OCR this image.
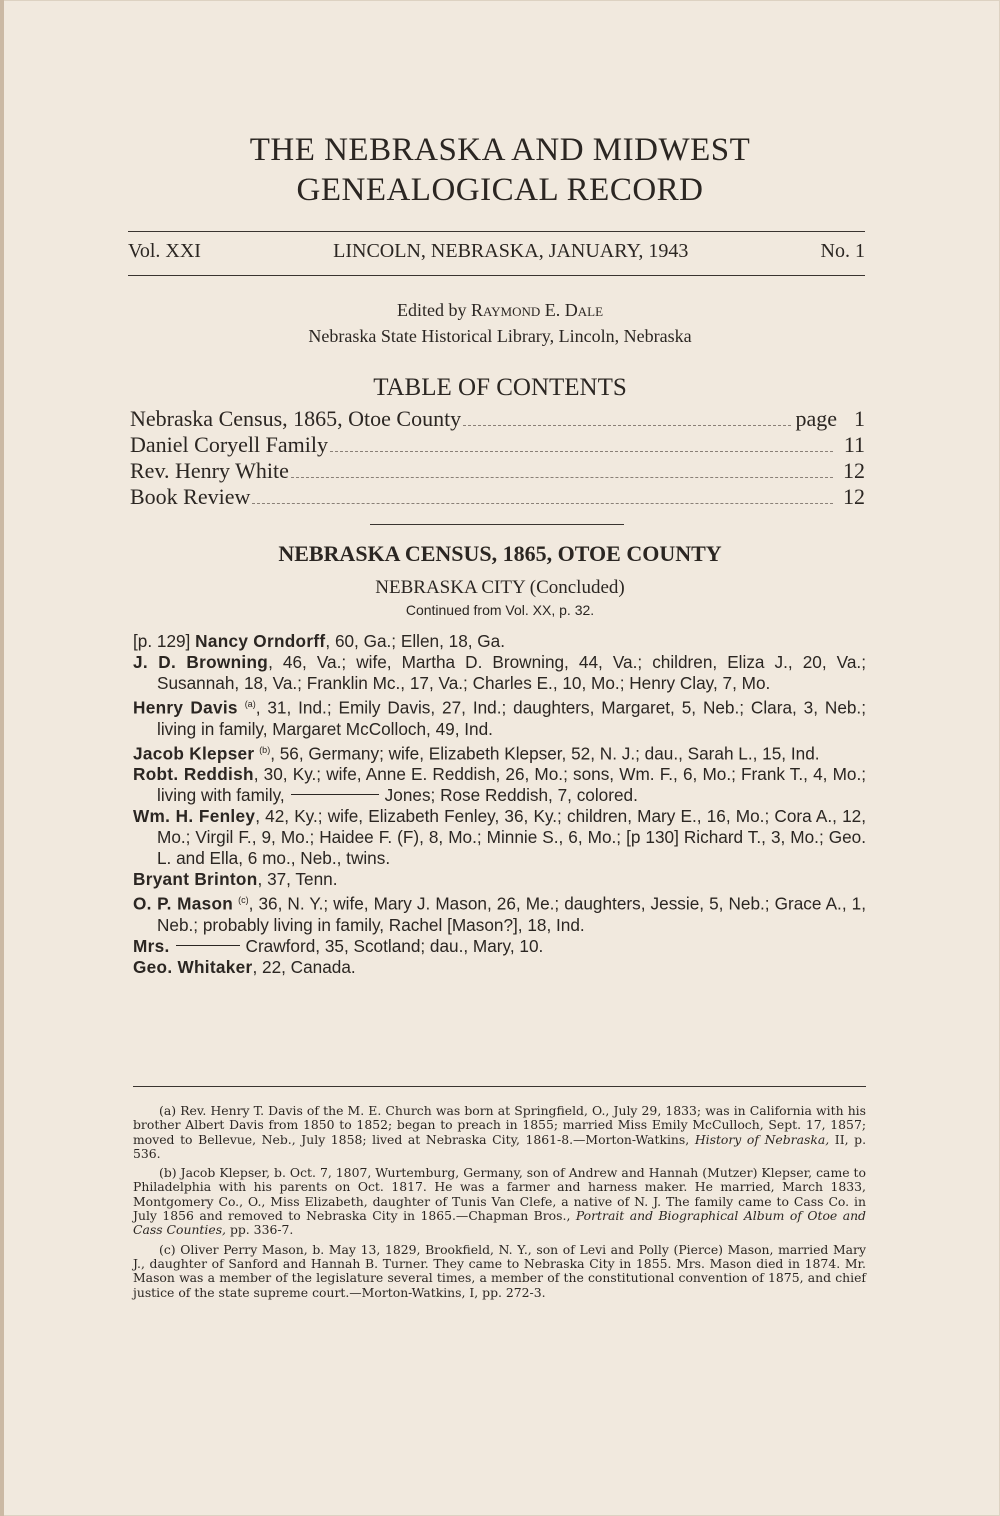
THE NEBRASKA AND MIDWEST
GENEALOGICAL RECORD
Vol. XXI	LINCOLN, NEBRASKA, JANUARY, 1943	No. 1
Edited by Raymond E. Dale
Nebraska State Historical Library, Lincoln, Nebraska
TABLE OF CONTENTS
Nebraska Census, 1865, Otoe County	page 1
Daniel Coryell Family	11
Rev. Henry White	12
Book Review	12
NEBRASKA CENSUS, 1865, OTOE COUNTY
NEBRASKA CITY (Concluded)
Continued from Vol. XX, p. 32.
[p. 129] Nancy Orndorff, 60, Ga.; Ellen, 18, Ga.
J. D. Browning, 46, Va.; wife, Martha D. Browning, 44, Va.; children, Eliza J., 20, Va.; Susannah, 18, Va.; Franklin Mc., 17, Va.; Charles E., 10, Mo.; Henry Clay, 7, Mo.
Henry Davis $^{(a)}$, 31, Ind.; Emily Davis, 27, Ind.; daughters, Margaret, 5, Neb.; Clara, 3, Neb.; living in family, Margaret McColloch, 49, Ind.
Jacob Klepser $^{(b)}$, 56, Germany; wife, Elizabeth Klepser, 52, N. J.; dau., Sarah L., 15, Ind.
Robt. Reddish, 30, Ky.; wife, Anne E. Reddish, 26, Mo.; sons, Wm. F., 6, Mo.; Frank T., 4, Mo.; living with family,	Jones; Rose Reddish, 7, colored.
Wm. H. Fenley, 42, Ky.; wife, Elizabeth Fenley, 36, Ky.; children, Mary E., 16, Mo.; Cora A., 12, Mo.; Virgil F., 9, Mo.; Haidee F. (F), 8, Mo.; Minnie S., 6, Mo.; [p 130] Richard T., 3, Mo.; Geo. L. and Ella, 6 mo., Neb., twins.
Bryant Brinton, 37, Tenn.
O. P. Mason $^{(c)}$, 36, N. Y.; wife, Mary J. Mason, 26, Me.; daughters, Jessie, 5, Neb.; Grace A., 1, Neb.; probably living in family, Rachel [Mason?], 18, Ind.
Mrs.	Crawford, 35, Scotland; dau., Mary, 10.
Geo. Whitaker, 22, Canada.
(a) Rev. Henry T. Davis of the M. E. Church was born at Springfield, O., July 29, 1833; was in California with his brother Albert Davis from 1850 to 1852; began to preach in 1855; married Miss Emily McCulloch, Sept. 17, 1857; moved to Bellevue, Neb., July 1858; lived at Nebraska City, 1861-8.—Morton-Watkins, History of Nebraska, II, p. 536.
(b) Jacob Klepser, b. Oct. 7, 1807, Wurtemburg, Germany, son of Andrew and Hannah (Mutzer) Klepser, came to Philadelphia with his parents on Oct. 1817. He was a farmer and harness maker. He married, March 1833, Montgomery Co., O., Miss Elizabeth, daughter of Tunis Van Clefe, a native of N. J. The family came to Cass Co. in July 1856 and removed to Nebraska City in 1865.—Chapman Bros., Portrait and Biographical Album of Otoe and Cass Counties, pp. 336-7.
(c) Oliver Perry Mason, b. May 13, 1829, Brookfield, N. Y., son of Levi and Polly (Pierce) Mason, married Mary J., daughter of Sanford and Hannah B. Turner. They came to Nebraska City in 1855. Mrs. Mason died in 1874. Mr. Mason was a member of the legislature several times, a member of the constitutional convention of 1875, and chief justice of the state supreme court.—Morton-Watkins, I, pp. 272-3.
